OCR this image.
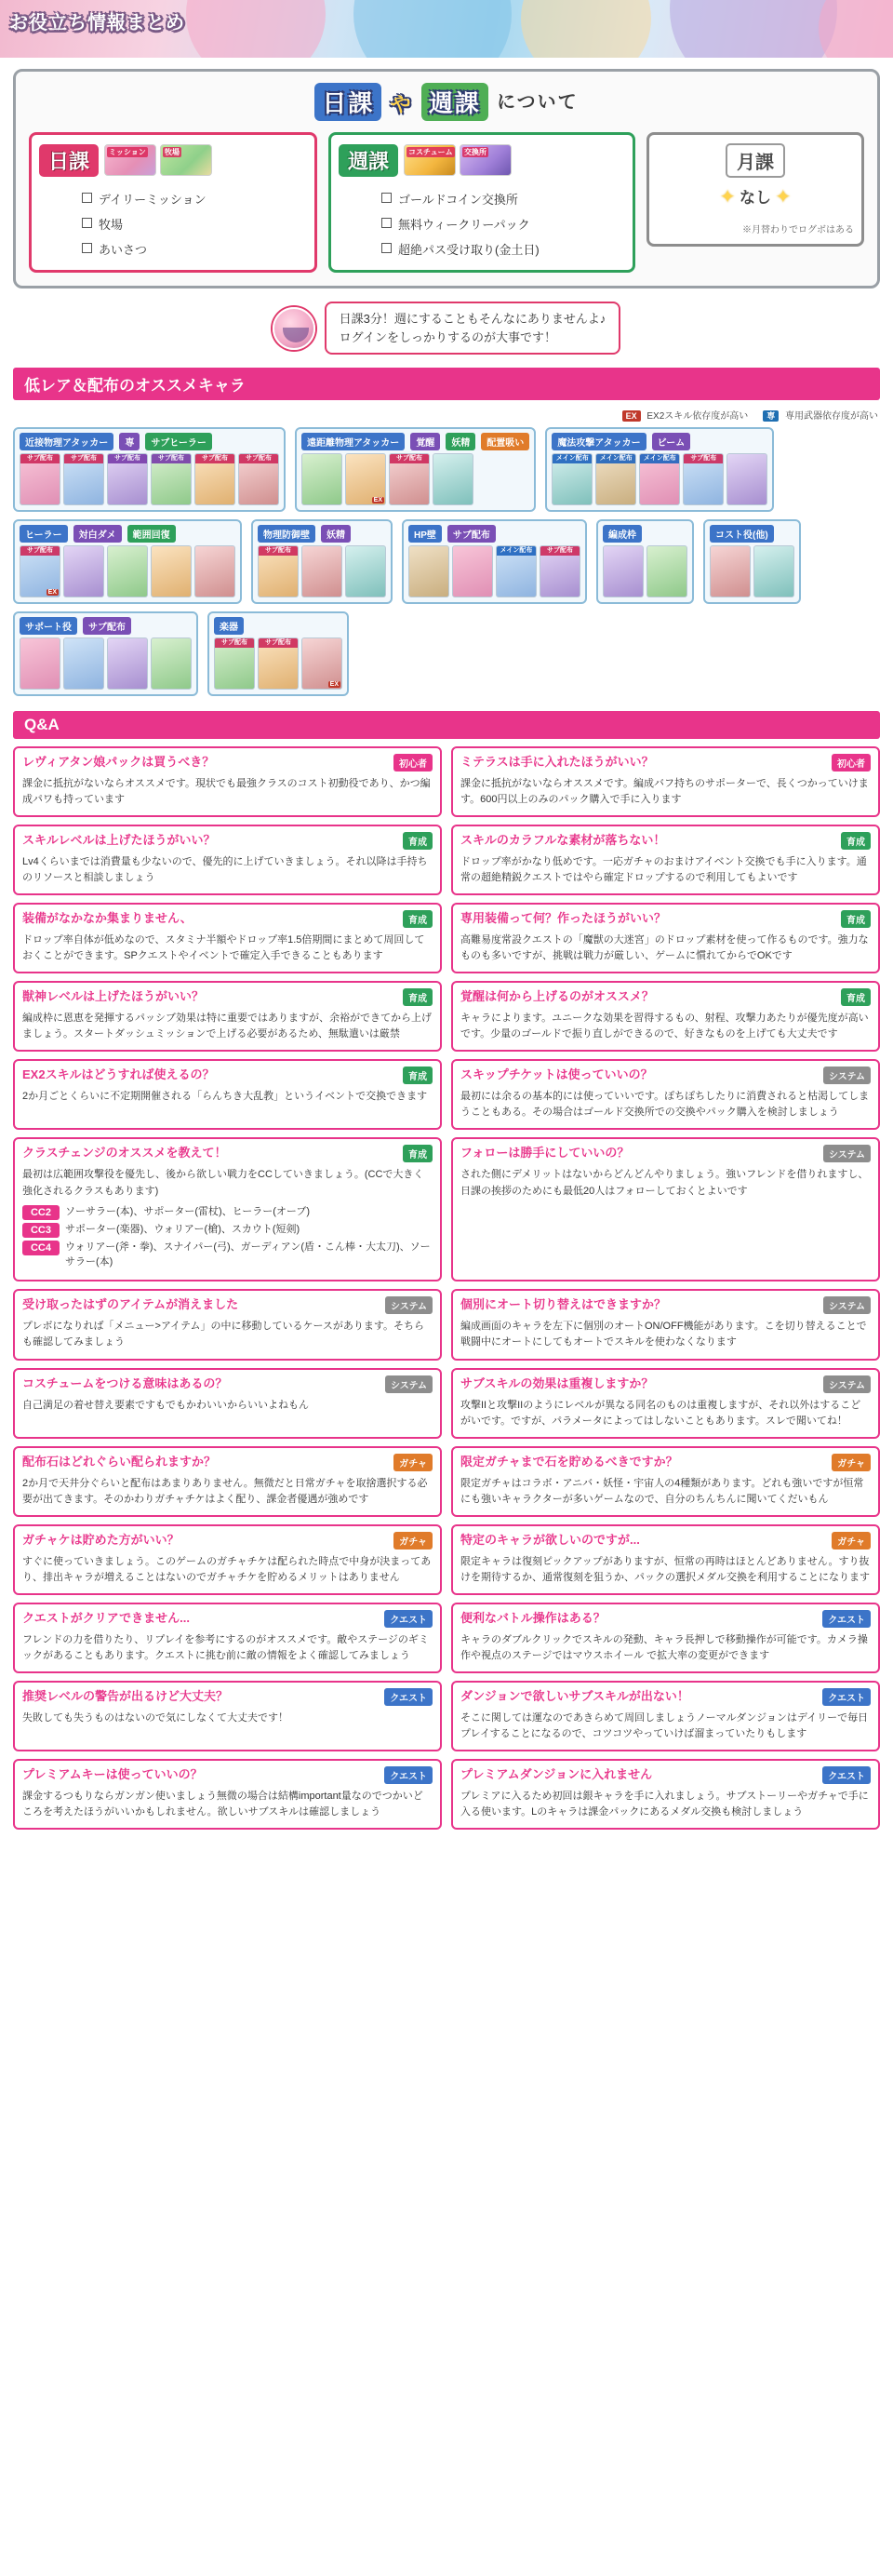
お役立ち情報まとめ
日課 や 週課 について
日課	ミッション	牧場
デイリーミッション
牧場
あいさつ
週課	コスチューム 交換所
ゴールドコイン交換所
無料ウィークリーパック
超絶パス受け取り(金土日)
月課
✦ なし ✦
※月替わりでログボはある
日課3分！週にすることもそんなにありませんよ♪
ログインをしっかりするのが大事です！
低レア＆配布のオススメキャラ
EX EX2スキル依存度が高い	専 専用武器依存度が高い
近接物理アタッカー	専	サブヒーラー
サブ配布	サブ配布	サブ配布	サブ配布	サブ配布	サブ配布
遠距離物理アタッカー	覚醒	妖精	配置吸い
EX
サブ配布
魔法攻撃アタッカー	ビーム
メイン配布	メイン配布	メイン配布	サブ配布
ヒーラー	対白ダメ	範囲回復
サブ配布
EX
物理防御壁	妖精
サブ配布
HP壁	サブ配布
メイン配布	サブ配布
編成枠	コスト役(他)
サポート役	サブ配布	楽器
サブ配布	サブ配布
EX
Q&A
レヴィアタン娘パックは買うべき？	初心者
課金に抵抗がないならオススメです。現状でも最強クラスのコスト初動役であり、かつ編成パワも持っています
ミテラスは手に入れたほうがいい？	初心者
課金に抵抗がないならオススメです。編成バフ持ちのサポーターで、長くつかっていけます。600円以上のみのパック購入で手に入ります
スキルレベルは上げたほうがいい？	育成
Lv4くらいまでは消費量も少ないので、優先的に上げていきましょう。それ以降は手持ちのリソースと相談しましょう
スキルのカラフルな素材が落ちない！	育成
ドロップ率がかなり低めです。一応ガチャのおまけアイベント交換でも手に入ります。通常の超絶精鋭クエストではやら確定ドロップするので利用してもよいです
装備がなかなか集まりません、	育成
ドロップ率自体が低めなので、スタミナ半額やドロップ率1.5倍期間にまとめて周回しておくことができます。SPクエストやイベントで確定入手できることもあります
専用装備って何？作ったほうがいい？	育成
高難易度常設クエストの「魔獣の大迷宮」のドロップ素材を使って作るものです。強力なものも多いですが、挑戦は戦力が厳しい、ゲームに慣れてからでOKです
獣神レベルは上げたほうがいい？	育成
編成枠に恩恵を発揮するパッシブ効果は特に重要ではありますが、余裕ができてから上げましょう。スタートダッシュミッションで上げる必要があるため、無駄遣いは厳禁
覚醒は何から上げるのがオススメ？	育成
キャラによります。ユニークな効果を習得するもの、射程、攻撃力あたりが優先度が高いです。少量のゴールドで振り直しができるので、好きなものを上げても大丈夫です
EX2スキルはどうすれば使えるの？	育成
2か月ごとくらいに不定期開催される「らんちき大乱教」というイベントで交換できます
スキップチケットは使っていいの？	システム
最初には余るの基本的には使っていいです。ぽちぽちしたりに消費されると枯渇してしまうこともある。その場合はゴールド交換所での交換やパック購入を検討しましょう
クラスチェンジのオススメを教えて！	育成
最初は広範囲攻撃役を優先し、後から欲しい戦力をCCしていきましょう。(CCで大きく強化されるクラスもあります)
CC2	ソーサラー(本)、サポーター(雷杖)、ヒーラー(オーブ)
CC3	サポーター(楽器)、ウォリアー(槍)、スカウト(短剣)
CC4	ウォリアー(斧・拳)、スナイパー(弓)、ガーディアン(盾・こん棒・大太刀)、ソーサラー(本)
フォローは勝手にしていいの？	システム
された側にデメリットはないからどんどんやりましょう。強いフレンドを借りれますし、日課の挨拶のためにも最低20人はフォローしておくとよいです
受け取ったはずのアイテムが消えました	システム
プレボになりれば「メニュー>アイテム」の中に移動しているケースがあります。そちらも確認してみましょう
個別にオート切り替えはできますか？	システム
編成画面のキャラを左下に個別のオートON/OFF機能があります。こを切り替えることで戦闘中にオートにしてもオートでスキルを使わなくなります
コスチュームをつける意味はあるの？	システム
自己満足の着せ替え要素ですもでもかわいいからいいよねもん
サブスキルの効果は重複しますか？	システム
攻撃IIと攻撃IIのようにレベルが異なる同名のものは重複しますが、それ以外はするこどがいです。ですが、パラメータによってはしないこともあります。スレで聞いてね！
配布石はどれぐらい配られますか？	ガチャ
2か月で天井分ぐらいと配布はあまりありません。無微だと日常ガチャを取捨選択する必要が出てきます。そのかわりガチャチケはよく配り、課金者優遇が強めです
限定ガチャまで石を貯めるべきですか？	ガチャ
限定ガチャはコラボ・アニバ・妖怪・宇宙人の4種類があります。どれも強いですが恒常にも強いキャラクターが多いゲームなので、自分のちんちんに聞いてくだいもん
ガチャケは貯めた方がいい？	ガチャ
すぐに使っていきましょう。このゲームのガチャチケは配られた時点で中身が決まってあり、排出キャラが増えることはないのでガチャチケを貯めるメリットはありません
特定のキャラが欲しいのですが...	ガチャ
限定キャラは復刻ピックアップがありますが、恒常の再時はほとんどありません。すり抜けを期待するか、通常復刻を狙うか、パックの選択メダル交換を利用することになります
クエストがクリアできません...	クエスト
フレンドの力を借りたり、リプレイを参考にするのがオススメです。敵やステージのギミックがあることもあります。クエストに挑む前に敵の情報をよく確認してみましょう
便利なバトル操作はある？	クエスト
キャラのダブルクリックでスキルの発動、キャラ長押しで移動操作が可能です。カメラ操作や視点のステージではマウスホイール で拡大率の変更ができます
推奨レベルの警告が出るけど大丈夫？	クエスト
失敗しても失うものはないので気にしなくて大丈夫です！
ダンジョンで欲しいサブスキルが出ない！	クエスト
そこに関しては運なのであきらめて周回しましょうノーマルダンジョンはデイリーで毎日プレイすることになるので、コツコツやっていけば溜まっていたりもします
プレミアムキーは使っていいの？	クエスト
課金するつもりならガンガン使いましょう無微の場合は結構important量なのでつかいどころを考えたほうがいいかもしれません。欲しいサブスキルは確認しましょう
プレミアムダンジョンに入れません	クエスト
プレミアに入るため初回は銀キャラを手に入れましょう。サブストーリーやガチャで手に入る使います。Lのキャラは課金パックにあるメダル交換も検討しましょう
